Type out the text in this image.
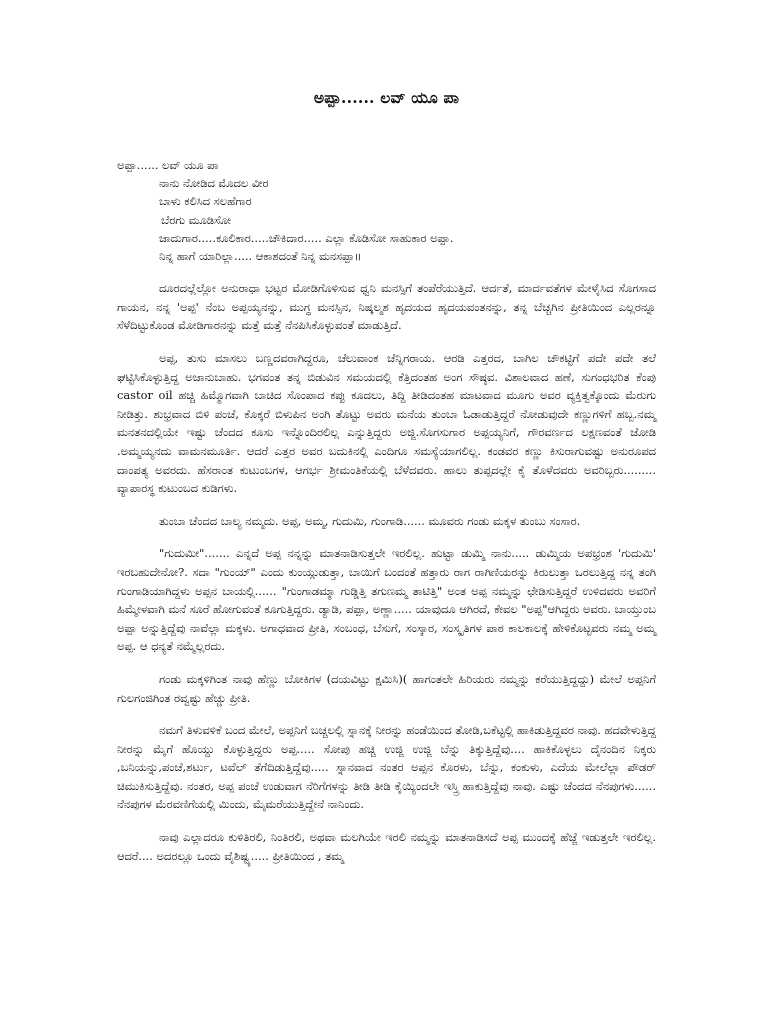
ಅಪ್ಪಾ...... ಲವ್ ಯೂ ಪಾ
ಅಪ್ಪಾ...... ಲವ್ ಯೂ ಪಾ
ನಾನು ನೋಡಿದ ಮೊದಲ ವೀರ
ಬಾಳು ಕಲಿಸಿದ ಸಲಹೆಗಾರ
ಬೆರಗು ಮೂಡಿಸೋ
ಜಾದುಗಾರ.....ಕೂಲಿಕಾರ.....ಚೌಕಿದಾರ..... ಎಲ್ಲಾ ಕೊಡಿಸೋ ಸಾಹುಕಾರ ಅಪ್ಪಾ.
ನಿನ್ನ ಹಾಗೆ ಯಾರಿಲ್ಲಾ..... ಆಕಾಶದಂತೆ ನಿನ್ನ ಮನಸಪ್ಪಾ॥

ದೂರದಲ್ಲೆಲ್ಲೋ ಅನುರಾಧಾ ಭಟ್ಟರ ಮೋಡಿಗೊಳಿಸುವ ಧ್ವನಿ ಮನಸ್ಸಿಗೆ ತಂಪೆರೆಯುತ್ತಿದೆ. ಆರ್ದತೆ, ಮಾರ್ದವತೆಗಳ ಮೇಳೈಸಿದ ಸೊಗಸಾದ ಗಾಯನ, ನನ್ನ 'ಅಪ್ಪ' ನೆಂಬ ಅಪ್ಪಯ್ಯನನ್ನು, ಮುಗ್ಧ ಮನಸ್ಸಿನ, ನಿಷ್ಕಲ್ಮಶ ಹೃದಯದ ಹೃದಯವಂತನನ್ನು, ತನ್ನ ಬೆಚ್ಚಗಿನ ಪ್ರೀತಿಯಿಂದ ಎಲ್ಲರನ್ನೂ ಸೆಳೆದಿಟ್ಟುಕೊಂಡ ಮೋಡಿಗಾರನನ್ನು ಮತ್ತೆ ಮತ್ತೆ ನೆನಪಿಸಿಕೊಳ್ಳುವಂತೆ ಮಾಡುತ್ತಿದೆ.

ಅಪ್ಪ, ತುಸು ಮಾಸಲು ಬಣ್ಣದವರಾಗಿದ್ದರೂ, ಚೆಲುವಾಂಕ ಚೆನ್ನಿಗರಾಯ. ಆರಡಿ ಎತ್ತರದ, ಬಾಗಿಲ ಚೌಕಟ್ಟಿಗೆ ಪದೇ ಪದೇ ತಲೆ ಘಟ್ಟಿಸಿಕೊಳ್ಳುತ್ತಿದ್ದ ಅಜಾನುಬಾಹು. ಭಗವಂತ ತನ್ನ ಬಿಡುವಿನ ಸಮಯದಲ್ಲಿ ಕೆತ್ತಿದಂತಹ ಅಂಗ ಸೌಷ್ಠವ. ವಿಶಾಲವಾದ ಹಣೆ, ಸುಗಂಧಭರಿತ ಕೆಂಪು castor oil ಹಚ್ಚಿ ಹಿಮ್ಮೊಗವಾಗಿ ಬಾಚಿದ ಸೊಂಪಾದ ಕಪ್ಪು ಕೂದಲು, ತಿದ್ದಿ ತೀಡಿದಂತಹ ಮಾಟವಾದ ಮೂಗು ಅವರ ವ್ಯಕ್ತಿತ್ವಕ್ಕೊಂದು ಮೆರುಗು ನೀಡಿತ್ತು. ಶುಭ್ರವಾದ ಬಿಳಿ ಪಂಚೆ, ಕೊಕ್ಕರೆ ಬಿಳುಪಿನ ಅಂಗಿ ತೊಟ್ಟು ಅವರು ಮನೆಯ ತುಂಬಾ ಓಡಾಡುತ್ತಿದ್ದರೆ ನೋಡುವುದೇ ಕಣ್ಣುಗಳಿಗೆ ಹಬ್ಬ.ನಮ್ಮ ಮನತನದಲ್ಲಿಯೇ ಇಷ್ಟು ಚೆಂದದ ಕೂಸು ಇನ್ನೊಂದಿರಲಿಲ್ಲ ಎನ್ನುತ್ತಿದ್ದರು ಅಜ್ಜಿ.ಸೊಗಸುಗಾರ ಅಪ್ಪಯ್ಯನಿಗೆ, ಗೌರವರ್ಣದ ಲಕ್ಷಣವಂತೆ ಜೋಡಿ .ಅಮ್ಮಯ್ಯನದು ವಾಮನಮೂರ್ತಿ. ಆದರೆ ಎತ್ತರ ಅವರ ಬದುಕಿನಲ್ಲಿ ಎಂದಿಗೂ ಸಮಸ್ಯೆಯಾಗಲಿಲ್ಲ. ಕಂಡವರ ಕಣ್ಣು ಕಿಸುರಾಗುವಷ್ಟು ಅನುರೂಪದ ದಾಂಪತ್ಯ ಅವರದು. ಹೆಸರಾಂತ ಕುಟುಂಬಗಳ, ಆಗರ್ಭ ಶ್ರೀಮಂತಿಕೆಯಲ್ಲಿ ಬೆಳೆದವರು. ಹಾಲು ತುಪ್ಪದಲ್ಲೇ ಕೈ ತೊಳೆದವರು ಅವರಿಬ್ಬರು......... ವ್ಯಾಪಾರಸ್ಥ ಕುಟುಂಬದ ಕುಡಿಗಳು.

ತುಂಬಾ ಚೆಂದದ ಬಾಲ್ಯ ನಮ್ಮದು. ಅಪ್ಪ, ಅಮ್ಮ, ಗುದುಮಿ, ಗುಂಗಾಡಿ...... ಮೂವರು ಗಂಡು ಮಕ್ಕಳ ತುಂಬು ಸಂಸಾರ.

"ಗುದುಮೀ"....... ಎನ್ನದೆ ಅಪ್ಪ ನನ್ನನ್ನು ಮಾತನಾಡಿಸುತ್ತಲೇ ಇರಲಿಲ್ಲ. ಹುಟ್ಟಾ ಡುಮ್ಮಿ ನಾನು..... ಡುಮ್ಮಿಯ ಅಪಭ್ರಂಶ 'ಗುದುಮಿ' ಇರಬಹುದೇನೋ?. ಸದಾ "ಗುಂಯ್" ಎಂದು ಕುಂಯ್ಗುಡುತ್ತಾ, ಬಾಯಿಗೆ ಬಂದಂತೆ ಹತ್ತಾರು ರಾಗ ರಾಗಿಣಿಯರನ್ನು ಕಿರುಲುತ್ತಾ ಒರಲುತ್ತಿದ್ದ ನನ್ನ ತಂಗಿ ಗುಂಗಾಡಿಯಾಗಿದ್ದಳು ಅಪ್ಪನ ಬಾಯಲ್ಲಿ...... "ಗುಂಗಾಡಮ್ಮಾ ಗುಡ್ಡಿತ್ತಿ ತಗುಣಮ್ಮ ತಾಟಿತ್ತಿ" ಅಂತ ಅಪ್ಪ ನಮ್ಮನ್ನು ಛೇಡಿಸುತ್ತಿದ್ದರೆ ಉಳಿದವರು ಅವರಿಗೆ ಹಿಮ್ಮೇಳವಾಗಿ ಮನೆ ಸೂರೆ ಹೋಗುವಂತೆ ಕೂಗುತ್ತಿದ್ದರು. ಡ್ಯಾಡಿ, ಪಪ್ಪಾ, ಅಣ್ಣಾ..... ಯಾವುದೂ ಆಗಿರದೆ, ಕೇವಲ "ಅಪ್ಪ"ಆಗಿದ್ದರು ಅವರು. ಬಾಯ್ತುಂಬ ಅಪ್ಪಾ ಅನ್ನುತ್ತಿದ್ದೆವು ನಾವೆಲ್ಲಾ ಮಕ್ಕಳು. ಅಗಾಧವಾದ ಪ್ರೀತಿ, ಸಂಬಂಧ, ಬೆಸುಗೆ, ಸಂಸ್ಕಾರ, ಸಂಸ್ಕೃತಿಗಳ ಪಾಠ ಕಾಲಕಾಲಕ್ಕೆ ಹೇಳಿಕೊಟ್ಟವರು ನಮ್ಮ ಅಮ್ಮ ಅಪ್ಪ. ಆ ಧನ್ಯತೆ ನಮ್ಮೆಲ್ಲರದು.

ಗಂಡು ಮಕ್ಕಳಿಗಿಂತ ನಾವು ಹೆಣ್ಣು ಬೋಕಿಗಳ (ದಯವಿಟ್ಟು ಕ್ಷಮಿಸಿ)( ಹಾಗಂತಲೇ ಹಿರಿಯರು ನಮ್ಮನ್ನು ಕರೆಯುತ್ತಿದ್ದದ್ದು) ಮೇಲೆ ಅಪ್ಪನಿಗೆ ಗುಲಗಂಜಿಗಿಂತ ರವ್ವಷ್ಟು ಹೆಚ್ಚು ಪ್ರೀತಿ.

ನಮಗೆ ತಿಳುವಳಿಕೆ ಬಂದ ಮೇಲೆ, ಅಪ್ಪನಿಗೆ ಬಚ್ಚಲಲ್ಲಿ ಸ್ನಾನಕ್ಕೆ ನೀರನ್ನು ಹಂಡೆಯಿಂದ ತೋಡಿ,ಬಕೆಟ್ಟಲ್ಲಿ ಹಾಕಿಡುತ್ತಿದ್ದವರ ನಾವು. ಹದವೇಳುತ್ತಿದ್ದ ನೀರನ್ನು ಮೈಗೆ ಹೊಯ್ದು ಕೊಳ್ಳುತ್ತಿದ್ದರು ಅಪ್ಪ..... ಸೋಪು ಹಚ್ಚಿ ಉಜ್ಜಿ ಉಜ್ಜಿ ಬೆನ್ನು ತಿಕ್ಕುತ್ತಿದ್ದೆವು.... ಹಾಕಿಕೊಳ್ಳಲು ದೈನಂದಿನ ನಿಕ್ಕರು ,ಬನಿಯನ್ನು,ಪಂಚೆ,ಶರ್ಟು, ಟವೆಲ್ ತೆಗೆದಿಡುತ್ತಿದ್ದೆವು..... ಸ್ನಾನವಾದ ನಂತರ ಅಪ್ಪನ ಕೊರಳು, ಬೆನ್ನು, ಕಂಕುಳು, ಎದೆಯ ಮೇಲೆಲ್ಲಾ ಪೌಡರ್ ಚಿಮುಕಿಸುತ್ತಿದ್ದೆವು. ನಂತರ, ಅಪ್ಪ ಪಂಚೆ ಉಡುವಾಗ ನೆರಿಗೆಗಳನ್ನು ತೀಡಿ ತೀಡಿ ಕೈಯ್ಯಿಂದಲೇ ಇಸ್ತ್ರಿ ಹಾಕುತ್ತಿದ್ದೆವು ನಾವು. ಎಷ್ಟು ಚೆಂದದ ನೆನಪುಗಳು...... ನೆನಪುಗಳ ಮೆರವಣಿಗೆಯಲ್ಲಿ ಮಿಂದು, ಮೈಮರೆಯುತ್ತಿದ್ದೇನೆ ನಾನಿಂದು.

ನಾವು ಎಲ್ಲಾದರೂ ಕುಳಿತಿರಲಿ, ನಿಂತಿರಲಿ, ಅಥವಾ ಮಲಗಿಯೇ ಇರಲಿ ನಮ್ಮನ್ನು ಮಾತನಾಡಿಸದೆ ಅಪ್ಪ ಮುಂದಕ್ಕೆ ಹೆಜ್ಜೆ ಇಡುತ್ತಲೇ ಇರಲಿಲ್ಲ. ಆದರೆ.... ಅದರಲ್ಲೂ ಒಂದು ವೈಶಿಷ್ಟ್ಯ..... ಪ್ರೀತಿಯಿಂದ , ತಮ್ಮ
